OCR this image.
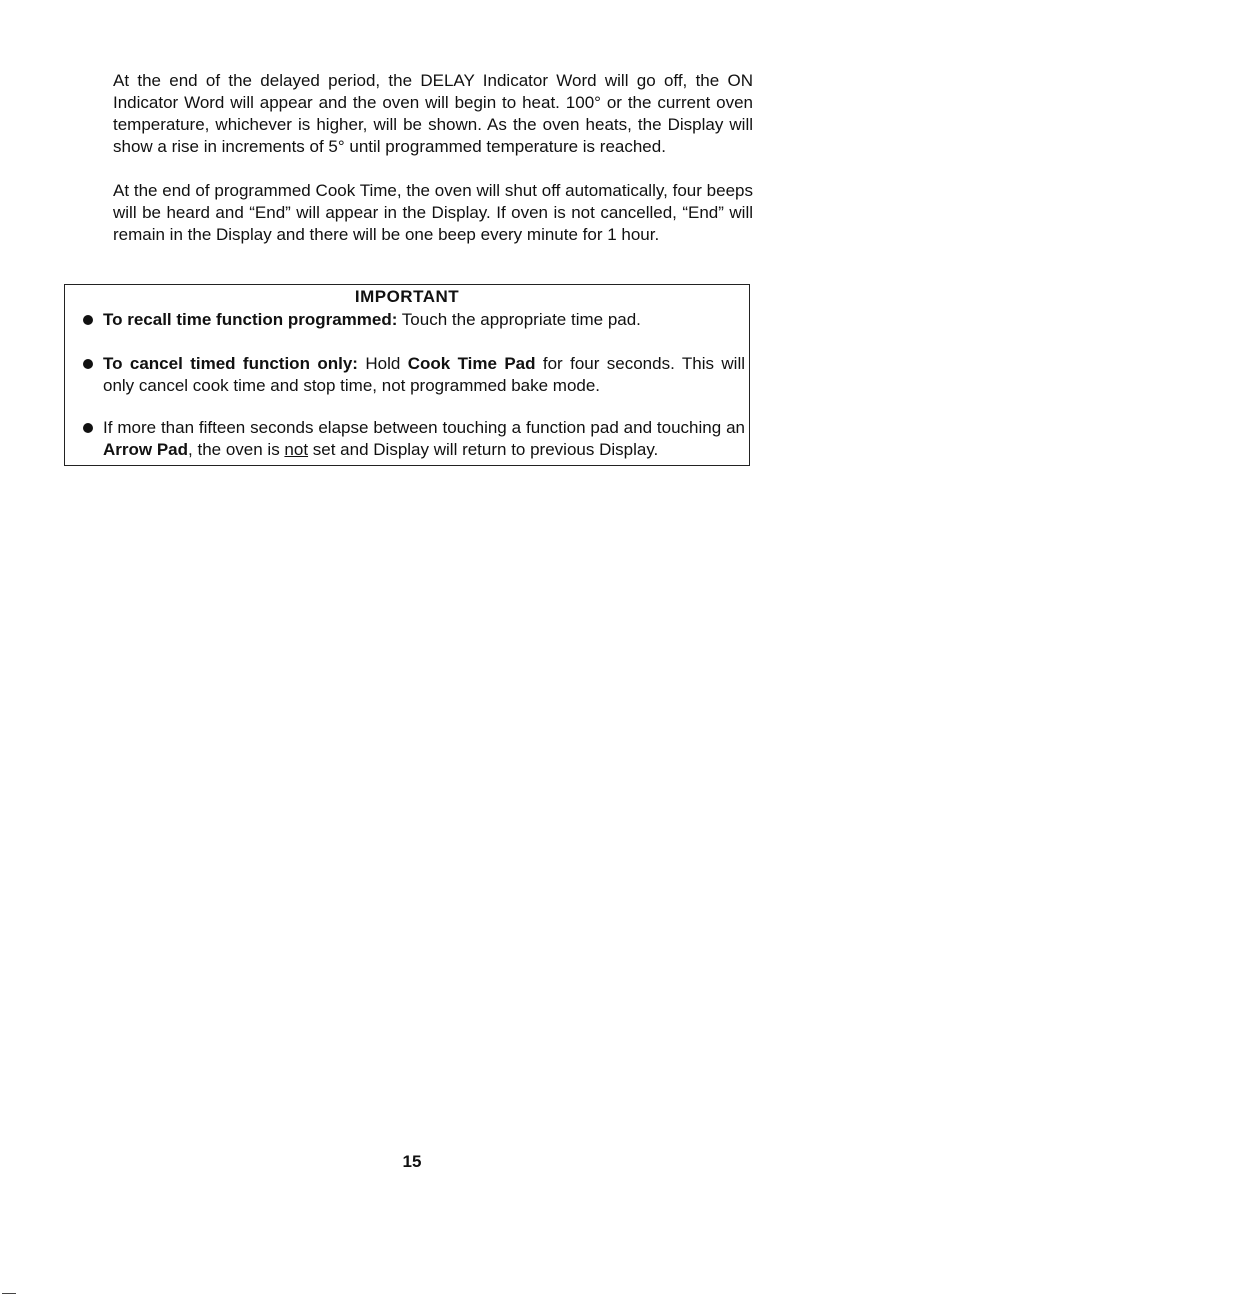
At the end of the delayed period, the DELAY Indicator Word will go off, the ON Indicator Word will appear and the oven will begin to heat. 100° or the current oven temperature, whichever is higher, will be shown. As the oven heats, the Display will show a rise in increments of 5° until programmed temperature is reached.

At the end of programmed Cook Time, the oven will shut off automatically, four beeps will be heard and “End” will appear in the Display. If oven is not cancelled, “End” will remain in the Display and there will be one beep every minute for 1 hour.

IMPORTANT

To recall time function programmed: Touch the appropriate time pad.
To cancel timed function only: Hold Cook Time Pad for four seconds. This will only cancel cook time and stop time, not programmed bake mode.
If more than fifteen seconds elapse between touching a function pad and touching an Arrow Pad, the oven is not set and Display will return to previous Display.

15
